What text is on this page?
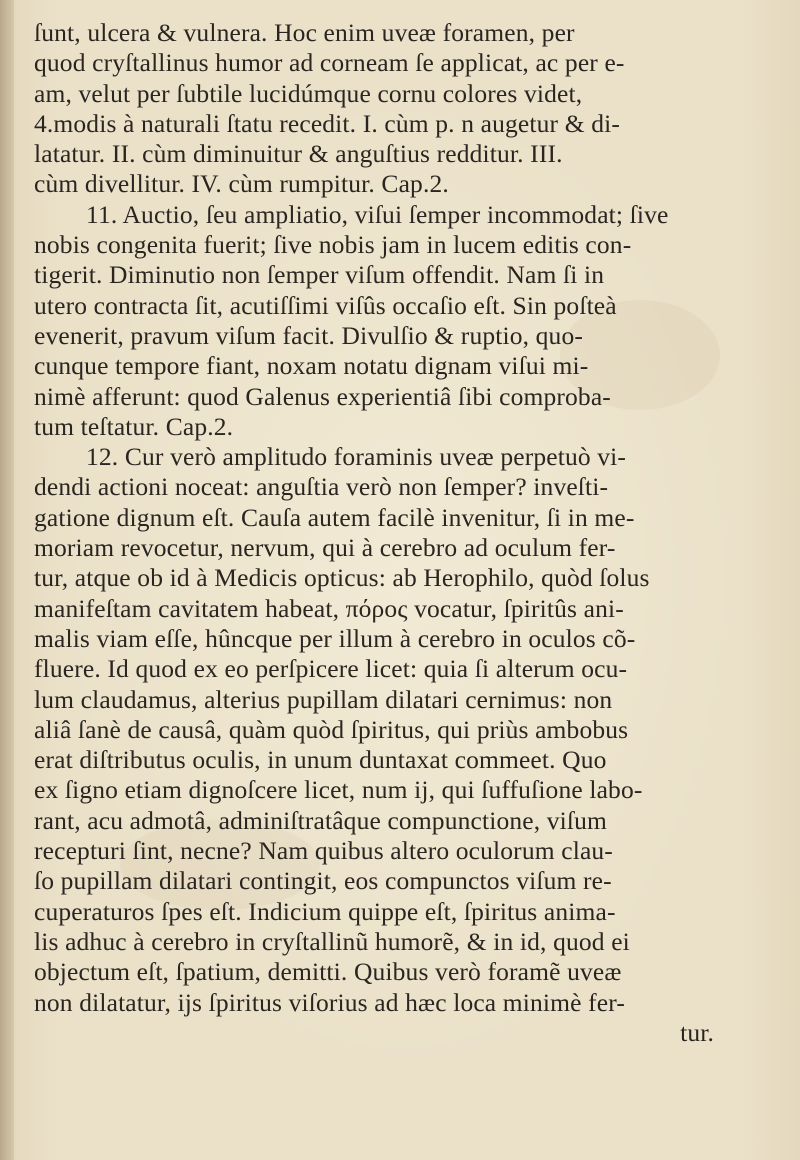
ſunt, ulcera & vulnera. Hoc enim uveæ foramen, per
quod cryſtallinus humor ad corneam ſe applicat, ac per e-
am, velut per ſubtile lucidúmque cornu colores videt,
4.modis à naturali ſtatu recedit. I. cùm p. n augetur & di-
latatur. II. cùm diminuitur & anguſtius redditur. III.
cùm divellitur. IV. cùm rumpitur. Cap.2.
11. Auctio, ſeu ampliatio, viſui ſemper incommodat; ſive
nobis congenita fuerit; ſive nobis jam in lucem editis con-
tigerit. Diminutio non ſemper viſum offendit. Nam ſi in
utero contracta ſit, acutiſſimi viſûs occaſio eſt. Sin poſteà
evenerit, pravum viſum facit. Divulſio & ruptio, quo-
cunque tempore fiant, noxam notatu dignam viſui mi-
nimè afferunt: quod Galenus experientiâ ſibi comproba-
tum teſtatur. Cap.2.
12. Cur verò amplitudo foraminis uveæ perpetuò vi-
dendi actioni noceat: anguſtia verò non ſemper? inveſti-
gatione dignum eſt. Cauſa autem facilè invenitur, ſi in me-
moriam revocetur, nervum, qui à cerebro ad oculum fer-
tur, atque ob id à Medicis opticus: ab Herophilo, quòd ſolus
manifeſtam cavitatem habeat, πόρος vocatur, ſpiritûs ani-
malis viam eſſe, hûncque per illum à cerebro in oculos cõ-
fluere. Id quod ex eo perſpicere licet: quia ſi alterum ocu-
lum claudamus, alterius pupillam dilatari cernimus: non
aliâ ſanè de causâ, quàm quòd ſpiritus, qui priùs ambobus
erat diſtributus oculis, in unum duntaxat commeet. Quo
ex ſigno etiam dignoſcere licet, num ij, qui ſuffuſione labo-
rant, acu admotâ, adminiſtratâque compunctione, viſum
recepturi ſint, necne? Nam quibus altero oculorum clau-
ſo pupillam dilatari contingit, eos compunctos viſum re-
cuperaturos ſpes eſt. Indicium quippe eſt, ſpiritus anima-
lis adhuc à cerebro in cryſtallinũ humorẽ, & in id, quod ei
objectum eſt, ſpatium, demitti. Quibus verò foramẽ uveæ
non dilatatur, ijs ſpiritus viſorius ad hæc loca minimè fer-
tur.
